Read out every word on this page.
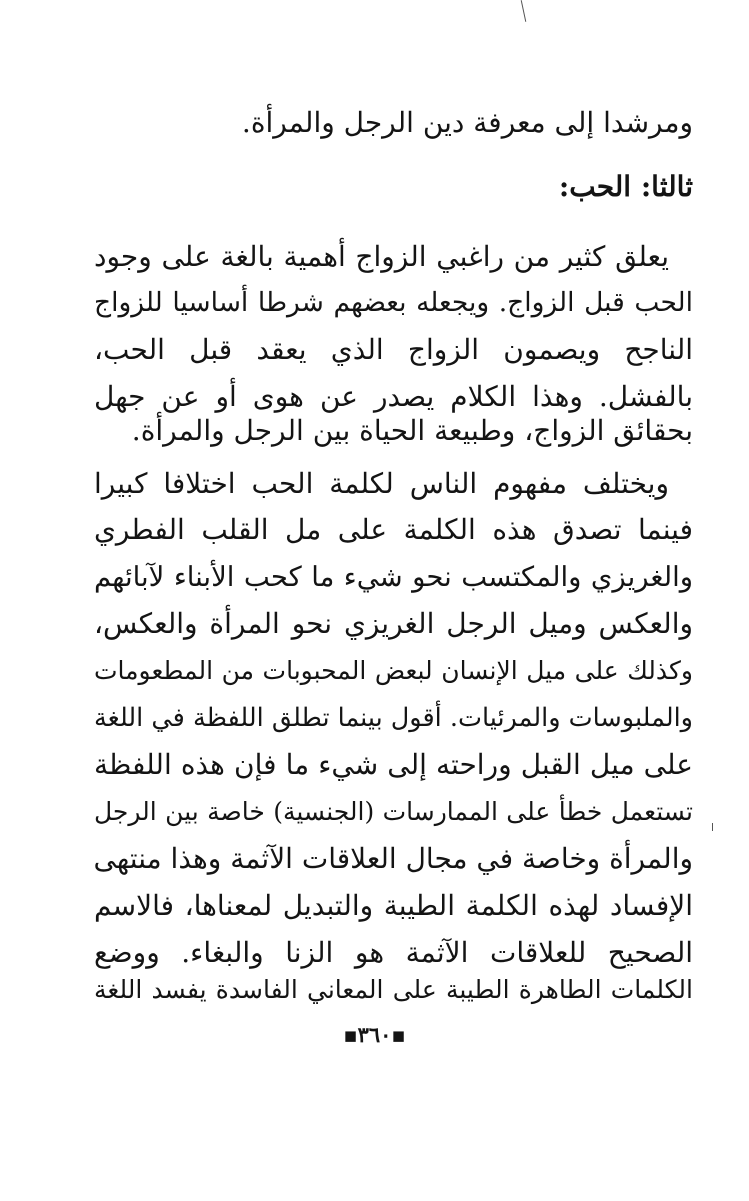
ومرشدا إلى معرفة دين الرجل والمرأة.
ثالثا: الحب:
يعلق كثير من راغبي الزواج أهمية بالغة على وجود
الحب قبل الزواج. ويجعله بعضهم شرطا أساسيا للزواج
الناجح ويصمون الزواج الذي يعقد قبل الحب،
بالفشل. وهذا الكلام يصدر عن هوى أو عن جهل
بحقائق الزواج، وطبيعة الحياة بين الرجل والمرأة.
ويختلف مفهوم الناس لكلمة الحب اختلافا كبيرا
فينما تصدق هذه الكلمة على مل القلب الفطري
والغريزي والمكتسب نحو شيء ما كحب الأبناء لآبائهم
والعكس وميل الرجل الغريزي نحو المرأة والعكس،
وكذلك على ميل الإنسان لبعض المحبوبات من المطعومات
والملبوسات والمرئيات. أقول بينما تطلق اللفظة في اللغة
على ميل القبل وراحته إلى شيء ما فإن هذه اللفظة
تستعمل خطأ على الممارسات (الجنسية) خاصة بين الرجل
والمرأة وخاصة في مجال العلاقات الآثمة وهذا منتهى
الإفساد لهذه الكلمة الطيبة والتبديل لمعناها، فالاسم
الصحيح للعلاقات الآثمة هو الزنا والبغاء. ووضع
الكلمات الطاهرة الطيبة على المعاني الفاسدة يفسد اللغة
▪٣٦٠▪
